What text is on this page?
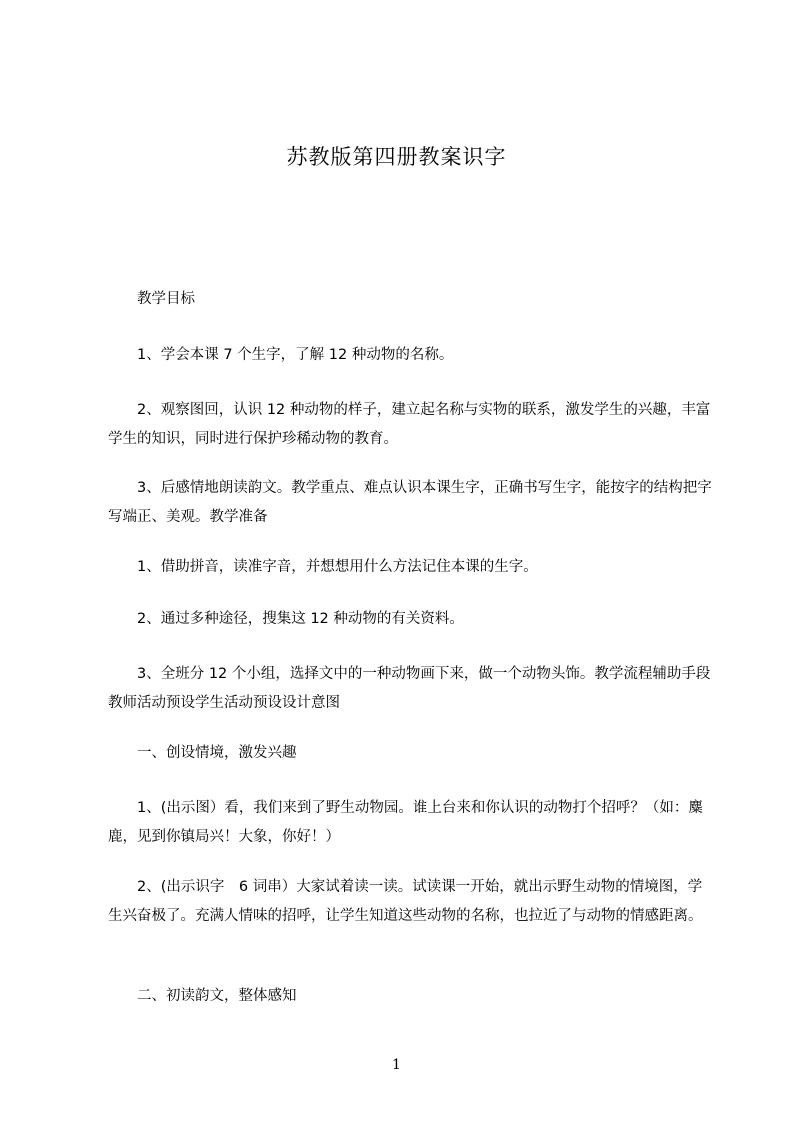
苏教版第四册教案识字
教学目标
1、学会本课 7 个生字，了解 12 种动物的名称。
2、观察图回，认识 12 种动物的样子，建立起名称与实物的联系，激发学生的兴趣，丰富学生的知识，同时进行保护珍稀动物的教育。
3、后感情地朗读韵文。教学重点、难点认识本课生字，正确书写生字，能按字的结构把字写端正、美观。教学准备
1、借助拼音，读准字音，并想想用什么方法记住本课的生字。
2、通过多种途径，搜集这 12 种动物的有关资料。
3、全班分 12 个小组，选择文中的一种动物画下来，做一个动物头饰。教学流程辅助手段教师活动预设学生活动预设设计意图
一、创设情境，激发兴趣
1、(出示图）看，我们来到了野生动物园。谁上台来和你认识的动物打个招呼？（如：麋鹿，见到你镇局兴！大象，你好！）
2、(出示识字　6 词串）大家试着读一读。试读课一开始，就出示野生动物的情境图，学生兴奋极了。充满人情味的招呼，让学生知道这些动物的名称，也拉近了与动物的情感距离。
二、初读韵文，整体感知
1
